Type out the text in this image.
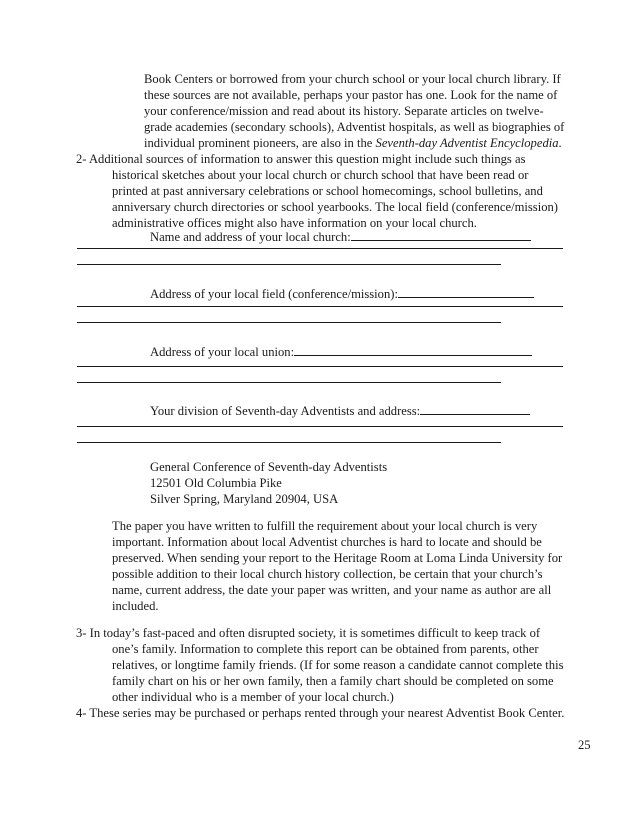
Book Centers or borrowed from your church school or your local church library. If
these sources are not available, perhaps your pastor has one. Look for the name of
your conference/mission and read about its history. Separate articles on twelve-
grade academies (secondary schools), Adventist hospitals, as well as biographies of
individual prominent pioneers, are also in the Seventh-day Adventist Encyclopedia.
2- Additional sources of information to answer this question might include such things as
historical sketches about your local church or church school that have been read or
printed at past anniversary celebrations or school homecomings, school bulletins, and
anniversary church directories or school yearbooks. The local field (conference/mission)
administrative offices might also have information on your local church.
Name and address of your local church:
Address of your local field (conference/mission):
Address of your local union:
Your division of Seventh-day Adventists and address:
General Conference of Seventh-day Adventists
12501 Old Columbia Pike
Silver Spring, Maryland 20904, USA
The paper you have written to fulfill the requirement about your local church is very
important. Information about local Adventist churches is hard to locate and should be
preserved. When sending your report to the Heritage Room at Loma Linda University for
possible addition to their local church history collection, be certain that your church’s
name, current address, the date your paper was written, and your name as author are all
included.
3- In today’s fast-paced and often disrupted society, it is sometimes difficult to keep track of
one’s family. Information to complete this report can be obtained from parents, other
relatives, or longtime family friends. (If for some reason a candidate cannot complete this
family chart on his or her own family, then a family chart should be completed on some
other individual who is a member of your local church.)
4- These series may be purchased or perhaps rented through your nearest Adventist Book Center.
25
